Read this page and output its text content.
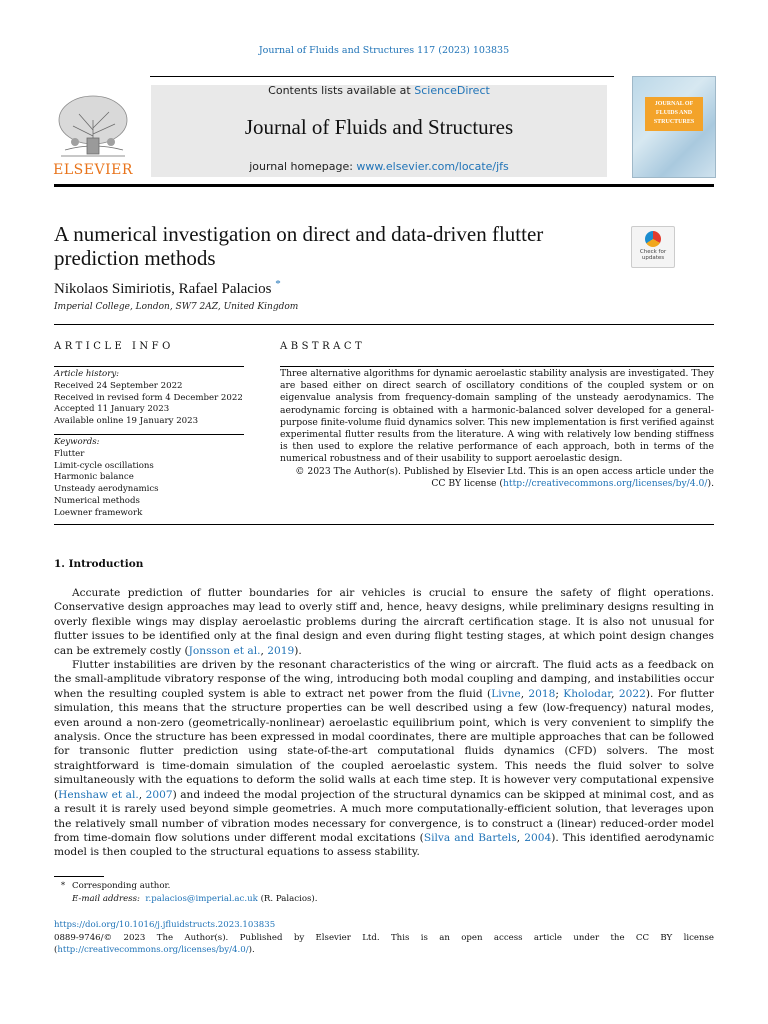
Journal of Fluids and Structures 117 (2023) 103835
ELSEVIER
Contents lists available at ScienceDirect
Journal of Fluids and Structures
journal homepage: www.elsevier.com/locate/jfs
JOURNAL OF FLUIDS AND STRUCTURES
A numerical investigation on direct and data-driven flutter prediction methods	Check for
updates
Nikolaos Simiriotis, Rafael Palacios *
Imperial College, London, SW7 2AZ, United Kingdom
ARTICLE INFO	ABSTRACT
Article history:
Received 24 September 2022
Received in revised form 4 December 2022
Accepted 11 January 2023
Available online 19 January 2023
Keywords:
Flutter
Limit-cycle oscillations
Harmonic balance
Unsteady aerodynamics
Numerical methods
Loewner framework
Three alternative algorithms for dynamic aeroelastic stability analysis are investigated. They are based either on direct search of oscillatory conditions of the coupled system or on eigenvalue analysis from frequency-domain sampling of the unsteady aerodynamics. The aerodynamic forcing is obtained with a harmonic-balanced solver developed for a general-purpose finite-volume fluid dynamics solver. This new implementation is first verified against experimental flutter results from the literature. A wing with relatively low bending stiffness is then used to explore the relative performance of each approach, both in terms of the numerical robustness and of their usability to support aeroelastic design.
© 2023 The Author(s). Published by Elsevier Ltd. This is an open access article under the CC BY license (http://creativecommons.org/licenses/by/4.0/).
1. Introduction

Accurate prediction of flutter boundaries for air vehicles is crucial to ensure the safety of flight operations. Conservative design approaches may lead to overly stiff and, hence, heavy designs, while preliminary designs resulting in overly flexible wings may display aeroelastic problems during the aircraft certification stage. It is also not unusual for flutter issues to be identified only at the final design and even during flight testing stages, at which point design changes can be extremely costly (Jonsson et al., 2019).

Flutter instabilities are driven by the resonant characteristics of the wing or aircraft. The fluid acts as a feedback on the small-amplitude vibratory response of the wing, introducing both modal coupling and damping, and instabilities occur when the resulting coupled system is able to extract net power from the fluid (Livne, 2018; Kholodar, 2022). For flutter simulation, this means that the structure properties can be well described using a few (low-frequency) natural modes, even around a non-zero (geometrically-nonlinear) aeroelastic equilibrium point, which is very convenient to simplify the analysis. Once the structure has been expressed in modal coordinates, there are multiple approaches that can be followed for transonic flutter prediction using state-of-the-art computational fluids dynamics (CFD) solvers. The most straightforward is time-domain simulation of the coupled aeroelastic system. This needs the fluid solver to solve simultaneously with the equations to deform the solid walls at each time step. It is however very computational expensive (Henshaw et al., 2007) and indeed the modal projection of the structural dynamics can be skipped at minimal cost, and as a result it is rarely used beyond simple geometries. A much more computationally-efficient solution, that leverages upon the relatively small number of vibration modes necessary for convergence, is to construct a (linear) reduced-order model from time-domain flow solutions under different modal excitations (Silva and Bartels, 2004). This identified aerodynamic model is then coupled to the structural equations to assess stability.

* Corresponding author.
E-mail address: r.palacios@imperial.ac.uk (R. Palacios).
https://doi.org/10.1016/j.jfluidstructs.2023.103835
0889-9746/© 2023 The Author(s). Published by Elsevier Ltd. This is an open access article under the CC BY license (http://creativecommons.org/licenses/by/4.0/).
